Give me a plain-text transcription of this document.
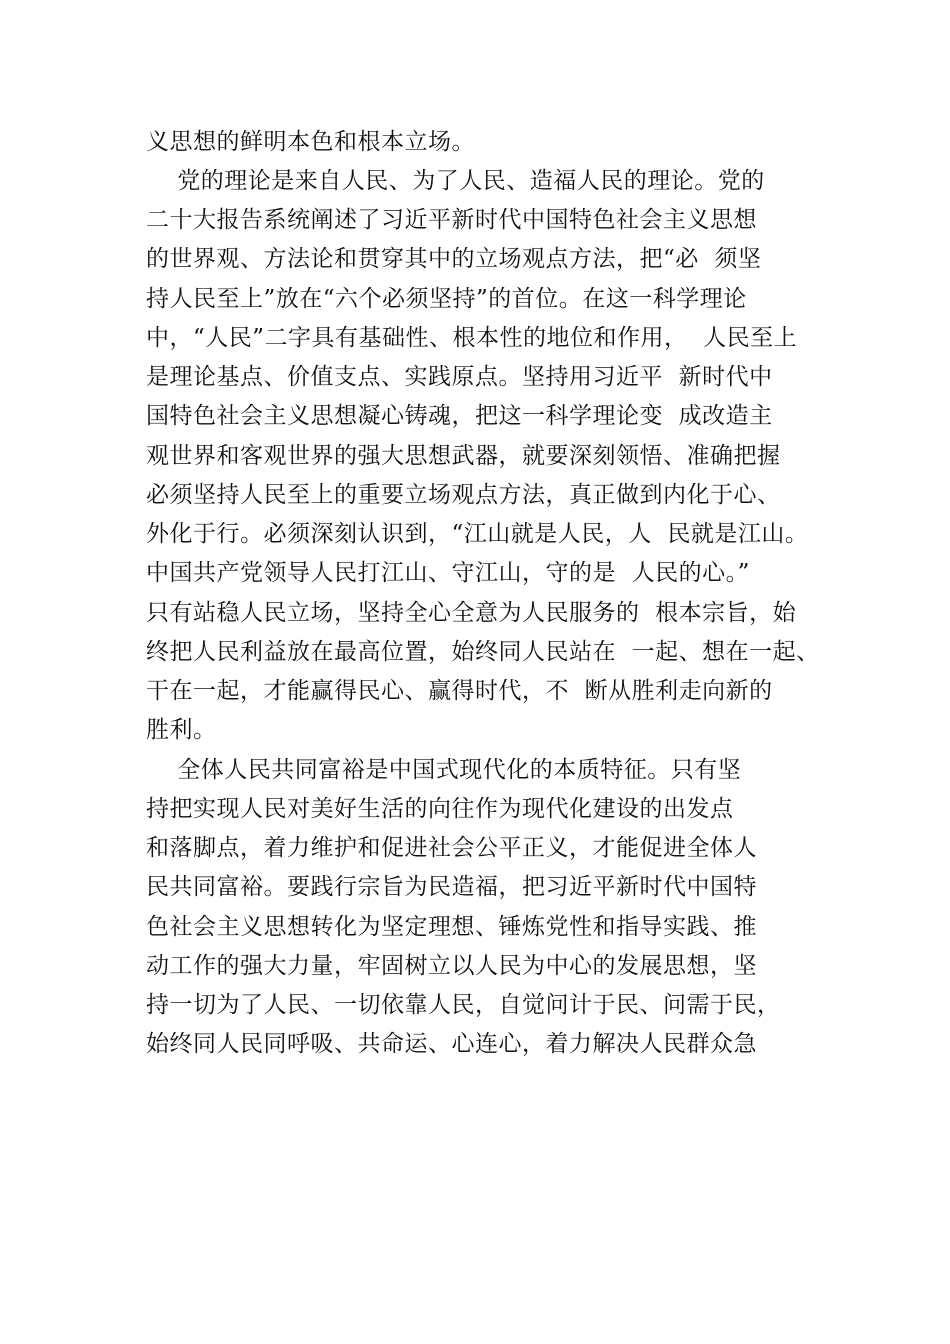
义思想的鲜明本色和根本立场。
党的理论是来自人民、为了人民、造福人民的理论。党的
二十大报告系统阐述了习近平新时代中国特色社会主义思想
的世界观、方法论和贯穿其中的立场观点方法，把“必  须坚
持人民至上”放在“六个必须坚持”的首位。在这一科学理论
中，“人民”二字具有基础性、根本性的地位和作用，  人民至上
是理论基点、价值支点、实践原点。坚持用习近平  新时代中
国特色社会主义思想凝心铸魂，把这一科学理论变  成改造主
观世界和客观世界的强大思想武器，就要深刻领悟、准确把握
必须坚持人民至上的重要立场观点方法，真正做到内化于心、
外化于行。必须深刻认识到，“江山就是人民，人  民就是江山。
中国共产党领导人民打江山、守江山，守的是  人民的心。”
只有站稳人民立场，坚持全心全意为人民服务的  根本宗旨，始
终把人民利益放在最高位置，始终同人民站在  一起、想在一起、
干在一起，才能赢得民心、赢得时代，不  断从胜利走向新的
胜利。
全体人民共同富裕是中国式现代化的本质特征。只有坚
持把实现人民对美好生活的向往作为现代化建设的出发点
和落脚点，着力维护和促进社会公平正义，才能促进全体人
民共同富裕。要践行宗旨为民造福，把习近平新时代中国特
色社会主义思想转化为坚定理想、锤炼党性和指导实践、推
动工作的强大力量，牢固树立以人民为中心的发展思想，坚
持一切为了人民、一切依靠人民，自觉问计于民、问需于民，
始终同人民同呼吸、共命运、心连心，着力解决人民群众急
